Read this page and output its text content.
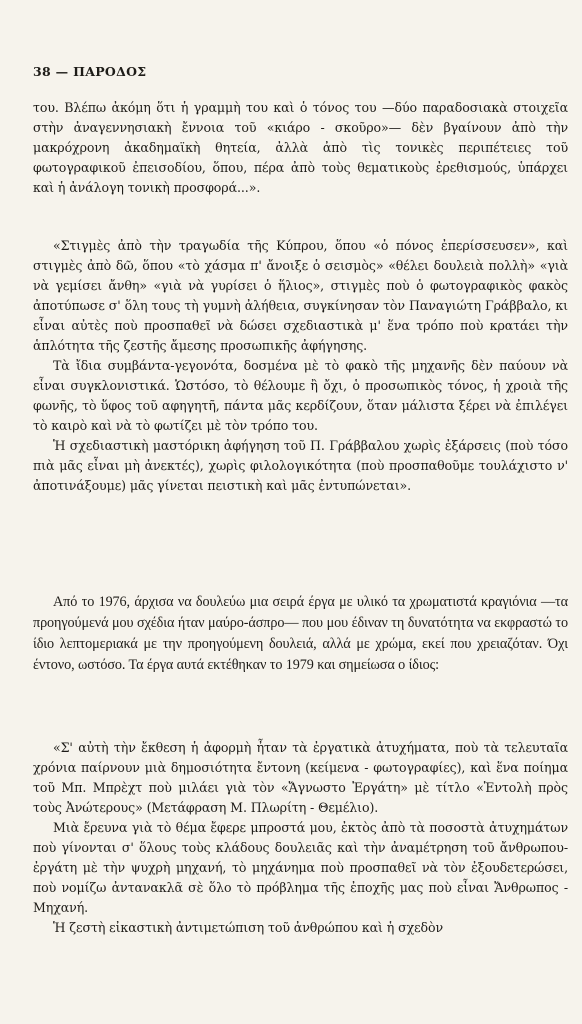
38 — ΠΑΡΟΔΟΣ

του. Βλέπω ἀκόμη ὅτι ἡ γραμμὴ του καὶ ὁ τόνος του —δύο παραδοσιακὰ στοιχεῖα στὴν ἀναγεννησιακὴ ἔννοια τοῦ «κιάρο - σκοῦρο»— δὲν βγαίνουν ἀπὸ τὴν μακρόχρονη ἀκαδημαϊκὴ θητεία, ἀλλὰ ἀπὸ τὶς τονικὲς περιπέτειες τοῦ φωτογραφικοῦ ἐπεισοδίου, ὅπου, πέρα ἀπὸ τοὺς θεματικοὺς ἐρεθισμούς, ὑπάρχει καὶ ἡ ἀνάλογη τονικὴ προσφορά...».

«Στιγμὲς ἀπὸ τὴν τραγωδία τῆς Κύπρου, ὅπου «ὁ πόνος ἐπερίσσευσεν», καὶ στιγμὲς ἀπὸ δῶ, ὅπου «τὸ χάσμα π' ἄνοιξε ὁ σεισμὸς» «θέλει δουλειὰ πολλὴ» «γιὰ νὰ γεμίσει ἄνθη» «γιὰ νὰ γυρίσει ὁ ἥλιος», στιγμὲς ποὺ ὁ φωτογραφικὸς φακὸς ἀποτύπωσε σ' ὅλη τους τὴ γυμνὴ ἀλήθεια, συγκίνησαν τὸν Παναγιώτη Γράββαλο, κι εἶναι αὐτὲς ποὺ προσπαθεῖ νὰ δώσει σχεδιαστικὰ μ' ἕνα τρόπο ποὺ κρατάει τὴν ἁπλότητα τῆς ζεστῆς ἄμεσης προσωπικῆς ἀφήγησης.

Τὰ ἴδια συμβάντα-γεγονότα, δοσμένα μὲ τὸ φακὸ τῆς μηχανῆς δὲν παύουν νὰ εἶναι συγκλονιστικά. Ὡστόσο, τὸ θέλουμε ἢ ὄχι, ὁ προσωπικὸς τόνος, ἡ χροιὰ τῆς φωνῆς, τὸ ὕφος τοῦ αφηγητῆ, πάντα μᾶς κερδίζουν, ὅταν μάλιστα ξέρει νὰ ἐπιλέγει τὸ καιρὸ καὶ νὰ τὸ φωτίζει μὲ τὸν τρόπο του.

Ἡ σχεδιαστικὴ μαστόρικη ἀφήγηση τοῦ Π. Γράββαλου χωρὶς ἐξάρσεις (ποὺ τόσο πιὰ μᾶς εἶναι μὴ ἀνεκτές), χωρὶς φιλολογικότητα (ποὺ προσπαθοῦμε τουλάχιστο ν' ἀποτινάξουμε) μᾶς γίνεται πειστικὴ καὶ μᾶς ἐντυπώνεται».

Από το 1976, άρχισα να δουλεύω μια σειρά έργα με υλικό τα χρωματιστά κραγιόνια —τα προηγούμενά μου σχέδια ήταν μαύρο-άσπρο— που μου έδιναν τη δυνατότητα να εκφραστώ το ίδιο λεπτομεριακά με την προηγούμενη δουλειά, αλλά με χρώμα, εκεί που χρειαζόταν. Όχι έντονο, ωστόσο. Τα έργα αυτά εκτέθηκαν το 1979 και σημείωσα ο ίδιος:

«Σ' αὐτὴ τὴν ἔκθεση ἡ ἀφορμὴ ἦταν τὰ ἐργατικὰ ἀτυχήματα, ποὺ τὰ τελευταῖα χρόνια παίρνουν μιὰ δημοσιότητα ἔντονη (κείμενα - φωτογραφίες), καὶ ἕνα ποίημα τοῦ Μπ. Μπρὲχτ ποὺ μιλάει γιὰ τὸν «Ἄγνωστο Ἐργάτη» μὲ τίτλο «Ἐντολὴ πρὸς τοὺς Ἀνώτερους» (Μετάφραση Μ. Πλωρίτη - Θεμέλιο).

Μιὰ ἔρευνα γιὰ τὸ θέμα ἔφερε μπροστά μου, ἐκτὸς ἀπὸ τὰ ποσοστὰ ἀτυχημάτων ποὺ γίνονται σ' ὅλους τοὺς κλάδους δουλειᾶς καὶ τὴν ἀναμέτρηση τοῦ ἄνθρωπου-ἐργάτη μὲ τὴν ψυχρὴ μηχανή, τὸ μηχάνημα ποὺ προσπαθεῖ νὰ τὸν ἐξουδετερώσει, ποὺ νομίζω ἀντανακλᾶ σὲ ὅλο τὸ πρόβλημα τῆς ἐποχῆς μας ποὺ εἶναι Ἄνθρωπος - Μηχανή.

Ἡ ζεστὴ εἰκαστικὴ ἀντιμετώπιση τοῦ ἀνθρώπου καὶ ἡ σχεδὸν
